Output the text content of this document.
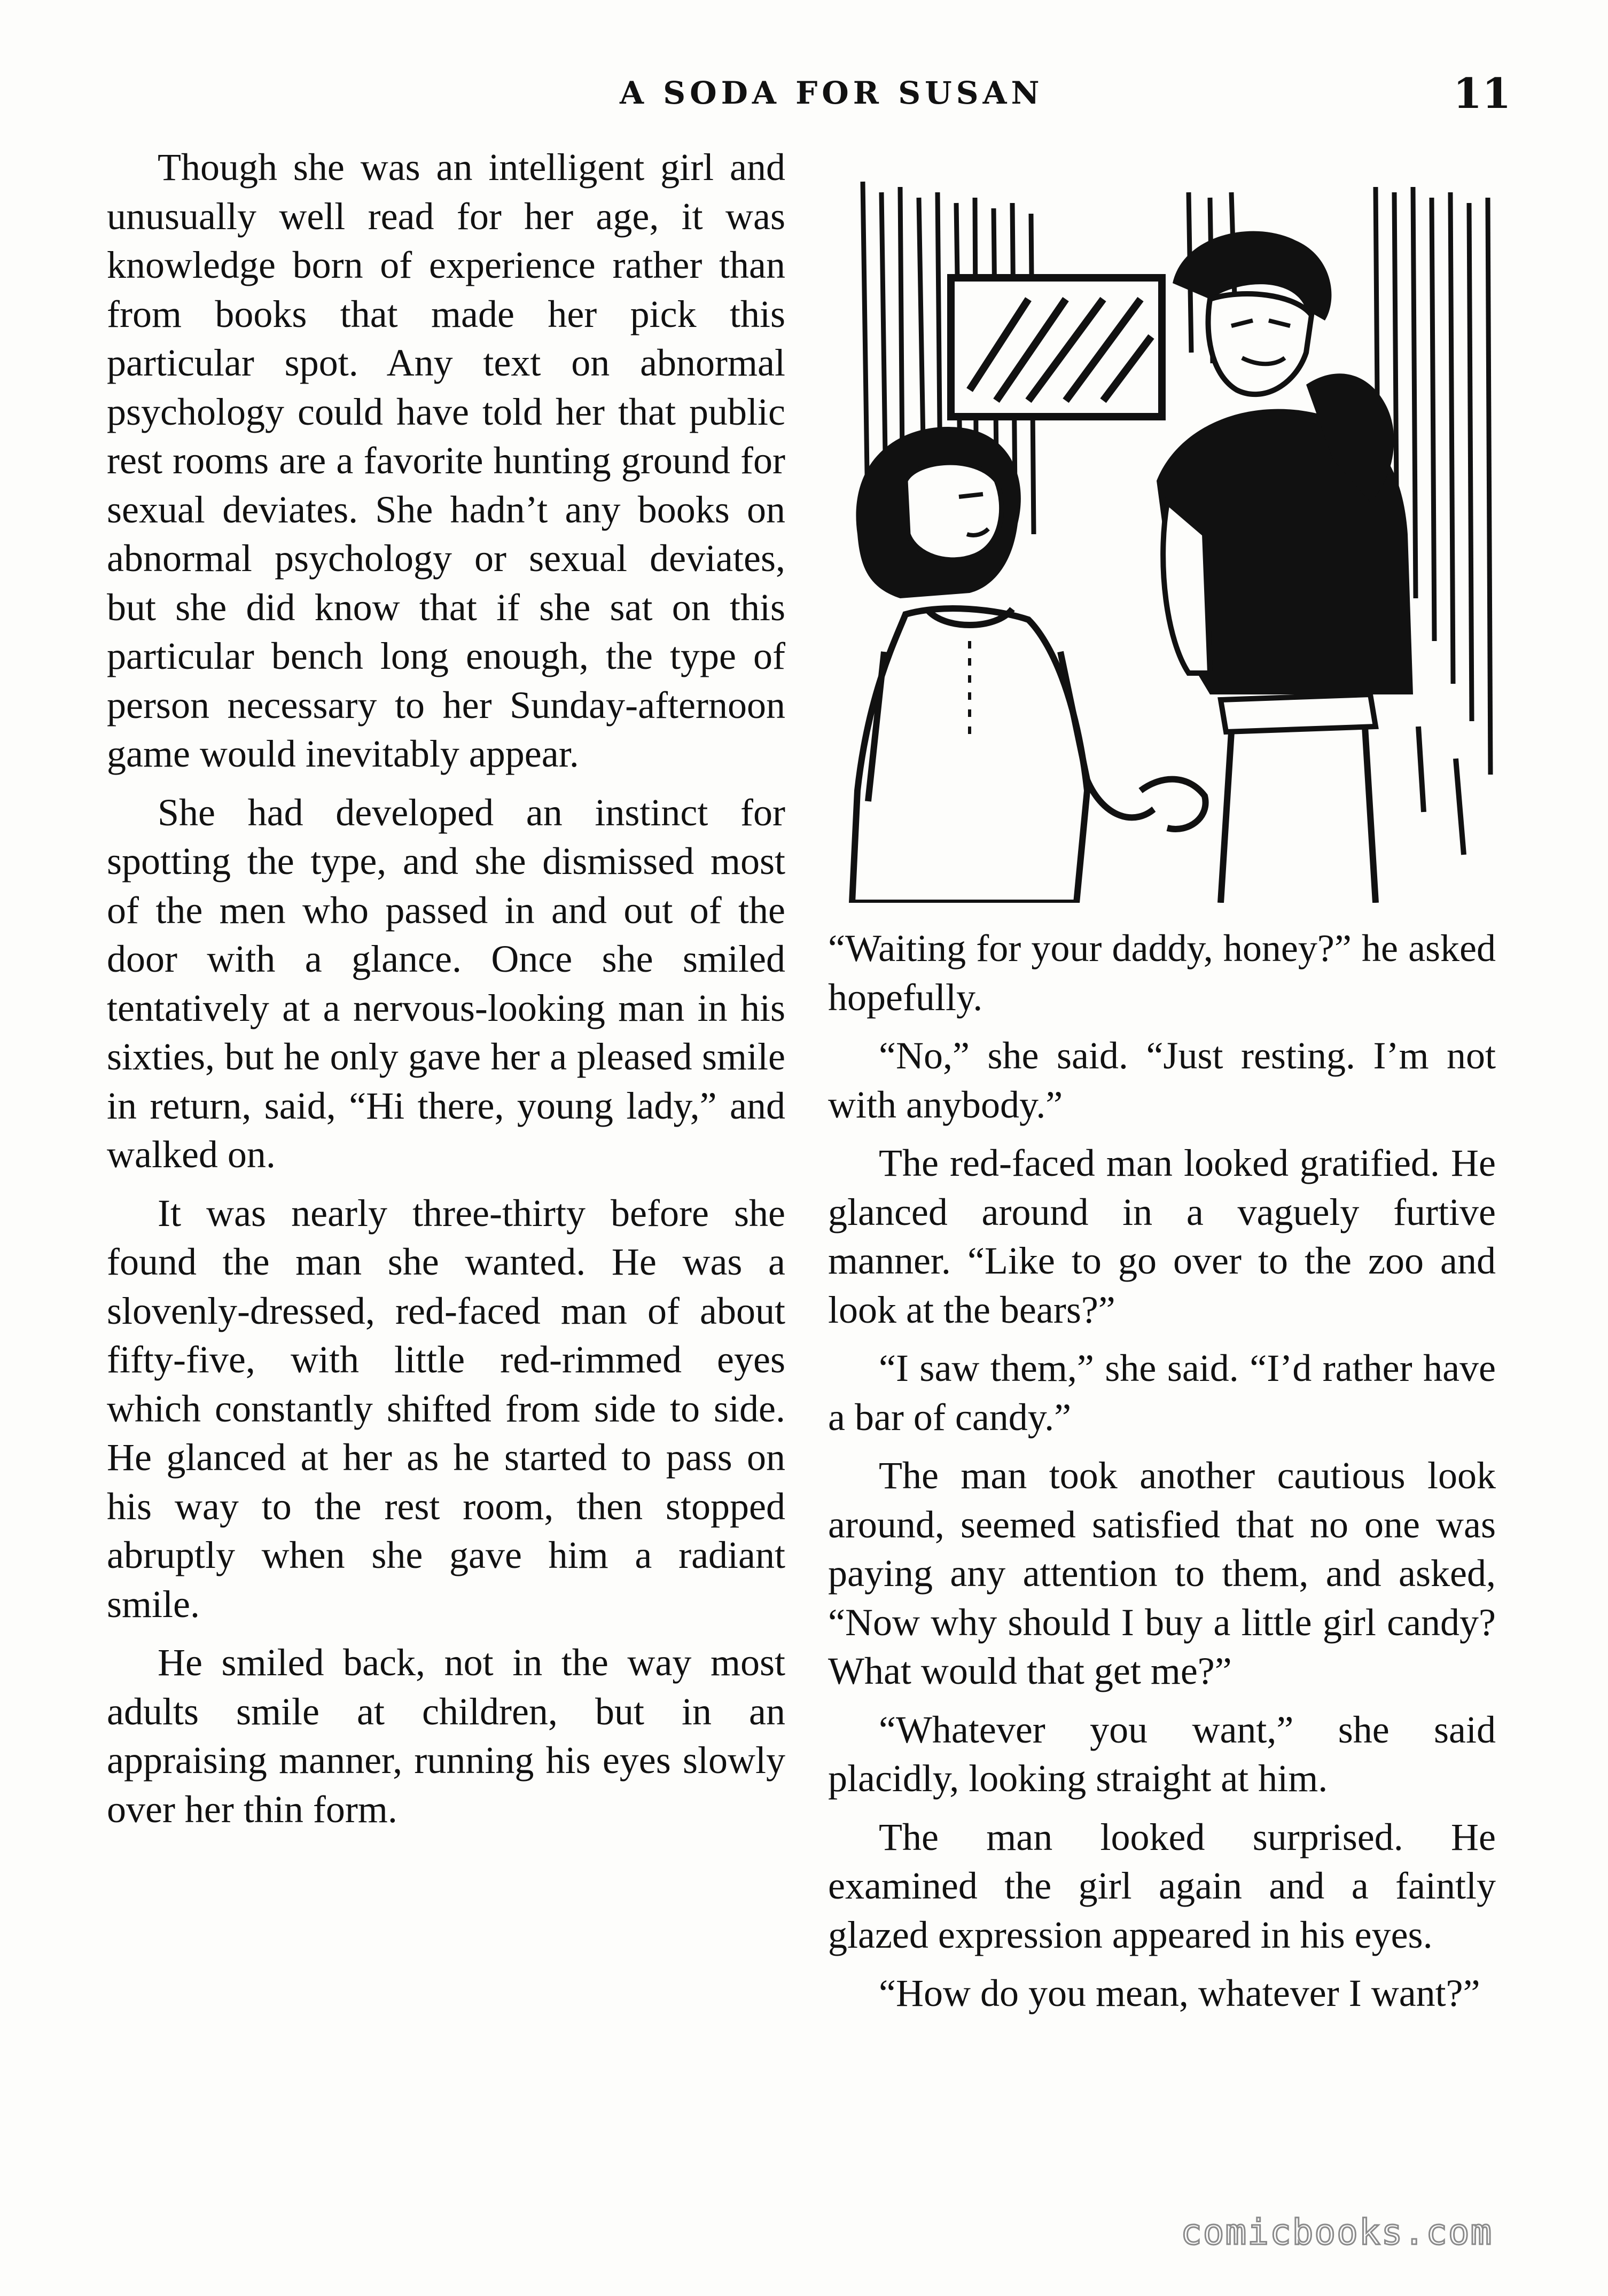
A SODA FOR SUSAN	11

Though she was an intelligent girl and unusually well read for her age, it was knowledge born of experience rather than from books that made her pick this particular spot. Any text on abnormal psychology could have told her that public rest rooms are a favorite hunting ground for sexual deviates. She hadn’t any books on abnormal psychology or sexual deviates, but she did know that if she sat on this particular bench long enough, the type of person necessary to her Sunday-afternoon game would inevitably appear.

She had developed an instinct for spotting the type, and she dismissed most of the men who passed in and out of the door with a glance. Once she smiled tentatively at a nervous-looking man in his sixties, but he only gave her a pleased smile in return, said, “Hi there, young lady,” and walked on.

It was nearly three-thirty before she found the man she wanted. He was a slovenly-dressed, red-faced man of about fifty-five, with little red-rimmed eyes which constantly shifted from side to side. He glanced at her as he started to pass on his way to the rest room, then stopped abruptly when she gave him a radiant smile.

He smiled back, not in the way most adults smile at children, but in an appraising manner, running his eyes slowly over her thin form.

“Waiting for your daddy, honey?” he asked hopefully.

“No,” she said. “Just resting. I’m not with anybody.”

The red-faced man looked gratified. He glanced around in a vaguely furtive manner. “Like to go over to the zoo and look at the bears?”

“I saw them,” she said. “I’d rather have a bar of candy.”

The man took another cautious look around, seemed satisfied that no one was paying any attention to them, and asked, “Now why should I buy a little girl candy? What would that get me?”

“Whatever you want,” she said placidly, looking straight at him.

The man looked surprised. He examined the girl again and a faintly glazed expression appeared in his eyes.

“How do you mean, whatever I want?”

comicbooks.com
